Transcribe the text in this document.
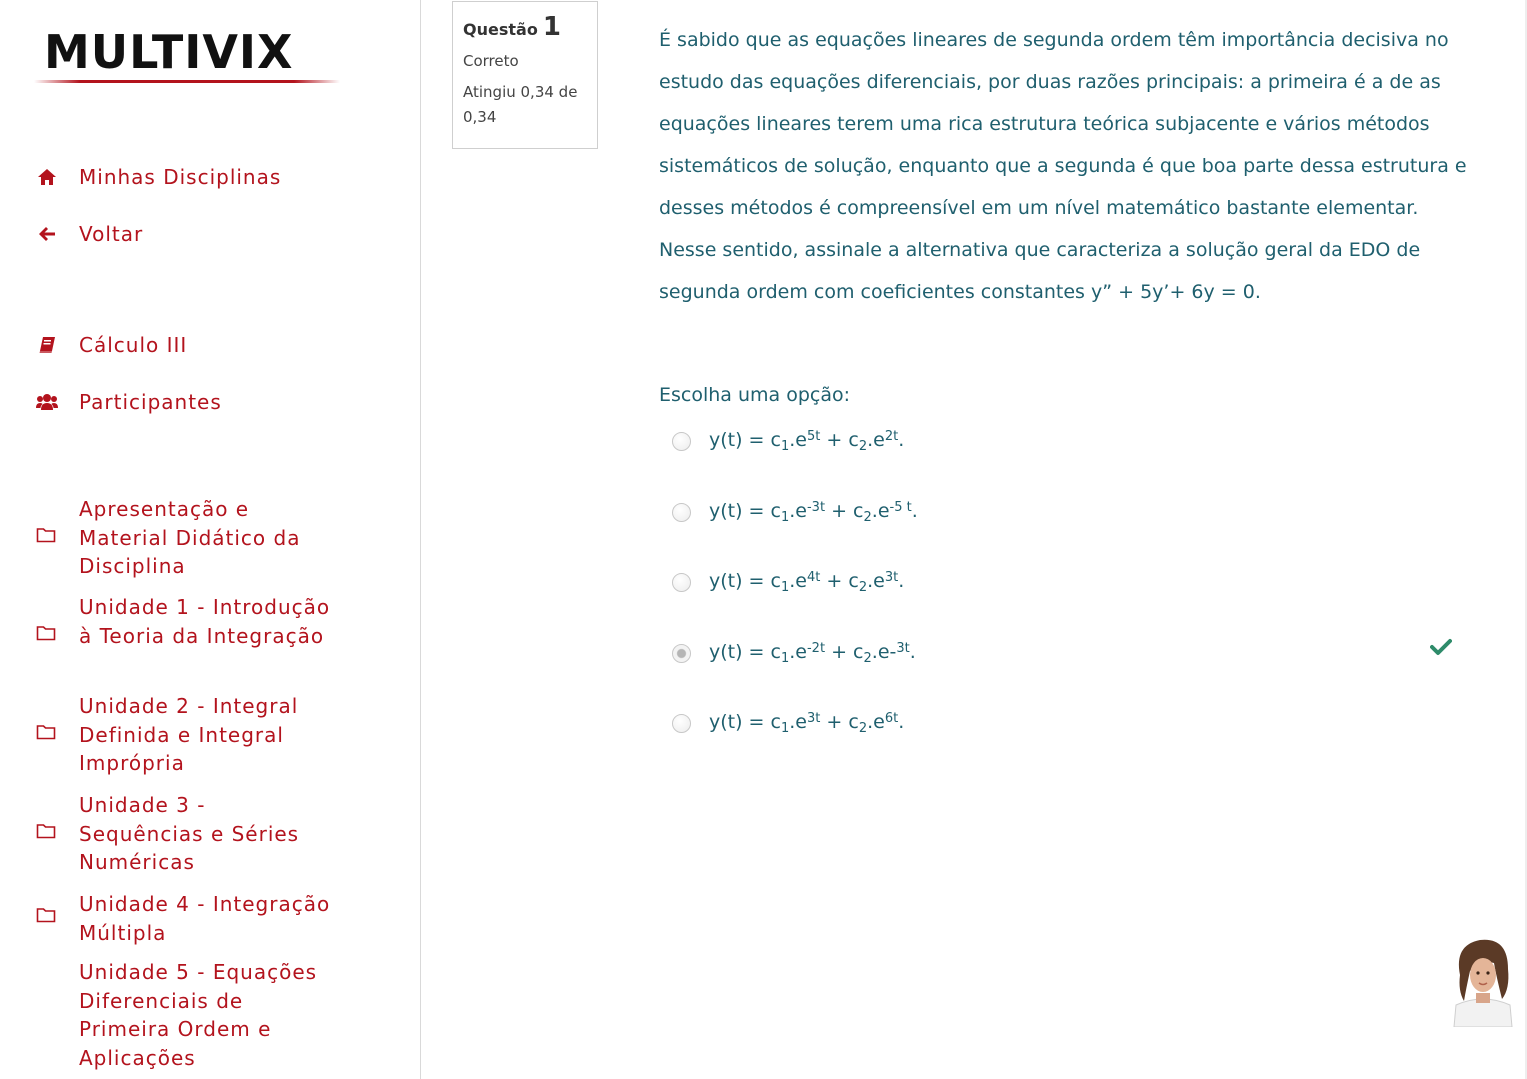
MULTIVIX
Minhas Disciplinas
Voltar
Cálculo III
Participantes
Apresentação e Material Didático da Disciplina
Unidade 1 - Introdução à Teoria da Integração
Unidade 2 - Integral Definida e Integral Imprópria
Unidade 3 - Sequências e Séries Numéricas
Unidade 4 - Integração Múltipla
Unidade 5 - Equações Diferenciais de Primeira Ordem e Aplicações
Questão 1
Correto
Atingiu 0,34 de 0,34
É sabido que as equações lineares de segunda ordem têm importância decisiva no estudo das equações diferenciais, por duas razões principais: a primeira é a de as equações lineares terem uma rica estrutura teórica subjacente e vários métodos sistemáticos de solução, enquanto que a segunda é que boa parte dessa estrutura e desses métodos é compreensível em um nível matemático bastante elementar. Nesse sentido, assinale a alternativa que caracteriza a solução geral da EDO de segunda ordem com coeficientes constantes y” + 5y’+ 6y = 0.
Escolha uma opção:
$y(t) = c_1.e^{5t} + c_2.e^{2t}$.
$y(t) = c_1.e^{-3t} + c_2.e^{-5 t}$.
$y(t) = c_1.e^{4t} + c_2.e^{3t}$.
$y(t) = c_1.e^{-2t} + c_2.e-^{3t}$.
$y(t) = c_1.e^{3t} + c_2.e^{6t}$.
